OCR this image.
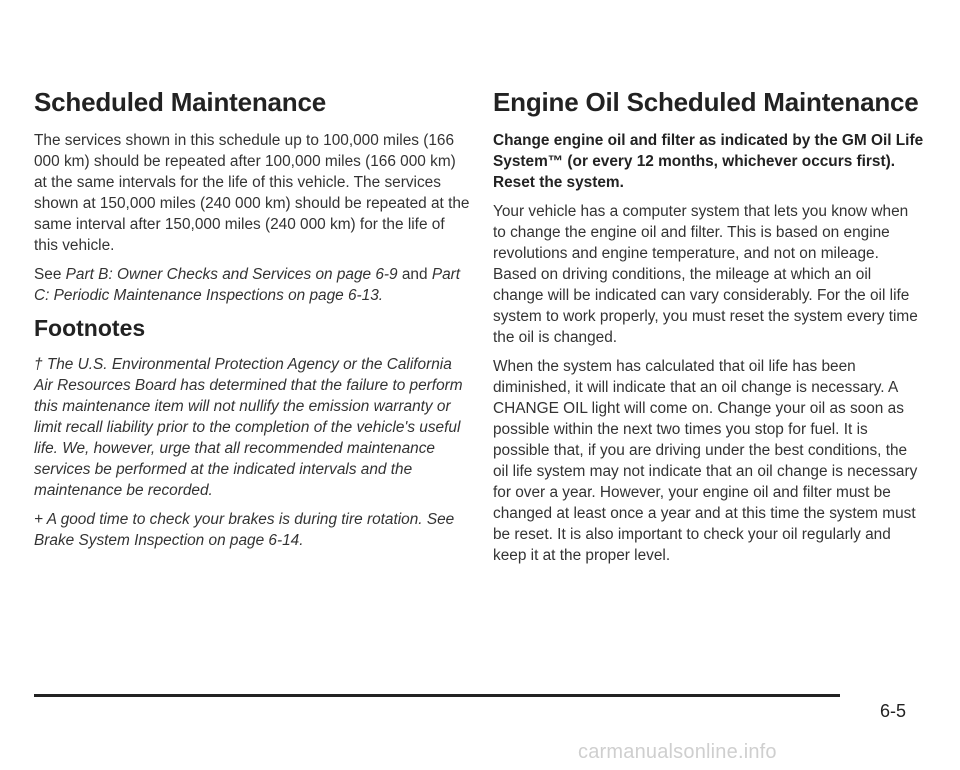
Scheduled Maintenance

The services shown in this schedule up to 100,000 miles (166 000 km) should be repeated after 100,000 miles (166 000 km) at the same intervals for the life of this vehicle. The services shown at 150,000 miles (240 000 km) should be repeated at the same interval after 150,000 miles (240 000 km) for the life of this vehicle.

See Part B: Owner Checks and Services on page 6-9 and Part C: Periodic Maintenance Inspections on page 6-13.

Footnotes

† The U.S. Environmental Protection Agency or the California Air Resources Board has determined that the failure to perform this maintenance item will not nullify the emission warranty or limit recall liability prior to the completion of the vehicle's useful life. We, however, urge that all recommended maintenance services be performed at the indicated intervals and the maintenance be recorded.

+ A good time to check your brakes is during tire rotation. See Brake System Inspection on page 6-14.

Engine Oil Scheduled Maintenance

Change engine oil and filter as indicated by the GM Oil Life System™ (or every 12 months, whichever occurs first). Reset the system.

Your vehicle has a computer system that lets you know when to change the engine oil and filter. This is based on engine revolutions and engine temperature, and not on mileage. Based on driving conditions, the mileage at which an oil change will be indicated can vary considerably. For the oil life system to work properly, you must reset the system every time the oil is changed.

When the system has calculated that oil life has been diminished, it will indicate that an oil change is necessary. A CHANGE OIL light will come on. Change your oil as soon as possible within the next two times you stop for fuel. It is possible that, if you are driving under the best conditions, the oil life system may not indicate that an oil change is necessary for over a year. However, your engine oil and filter must be changed at least once a year and at this time the system must be reset. It is also important to check your oil regularly and keep it at the proper level.

6-5
carmanualsonline.info
